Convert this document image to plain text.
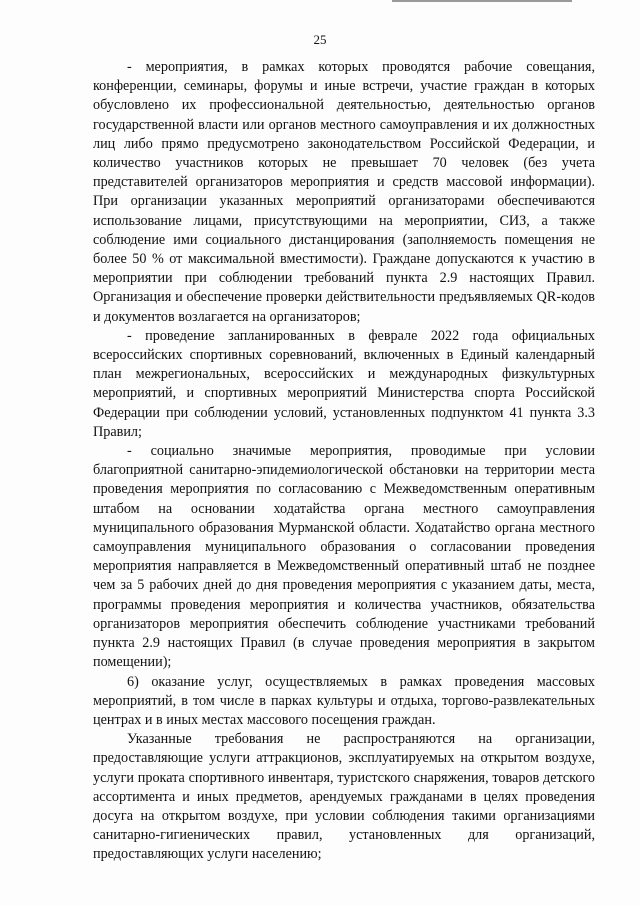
25

- мероприятия, в рамках которых проводятся рабочие совещания, конференции, семинары, форумы и иные встречи, участие граждан в которых обусловлено их профессиональной деятельностью, деятельностью органов государственной власти или органов местного самоуправления и их должностных лиц либо прямо предусмотрено законодательством Российской Федерации, и количество участников которых не превышает 70 человек (без учета представителей организаторов мероприятия и средств массовой информации). При организации указанных мероприятий организаторами обеспечиваются использование лицами, присутствующими на мероприятии, СИЗ, а также соблюдение ими социального дистанцирования (заполняемость помещения не более 50 % от максимальной вместимости). Граждане допускаются к участию в мероприятии при соблюдении требований пункта 2.9 настоящих Правил. Организация и обеспечение проверки действительности предъявляемых QR-кодов и документов возлагается на организаторов;

- проведение запланированных в феврале 2022 года официальных всероссийских спортивных соревнований, включенных в Единый календарный план межрегиональных, всероссийских и международных физкультурных мероприятий, и спортивных мероприятий Министерства спорта Российской Федерации при соблюдении условий, установленных подпунктом 41 пункта 3.3 Правил;

- социально значимые мероприятия, проводимые при условии благоприятной санитарно-эпидемиологической обстановки на территории места проведения мероприятия по согласованию с Межведомственным оперативным штабом на основании ходатайства органа местного самоуправления муниципального образования Мурманской области. Ходатайство органа местного самоуправления муниципального образования о согласовании проведения мероприятия направляется в Межведомственный оперативный штаб не позднее чем за 5 рабочих дней до дня проведения мероприятия с указанием даты, места, программы проведения мероприятия и количества участников, обязательства организаторов мероприятия обеспечить соблюдение участниками требований пункта 2.9 настоящих Правил (в случае проведения мероприятия в закрытом помещении);

6) оказание услуг, осуществляемых в рамках проведения массовых мероприятий, в том числе в парках культуры и отдыха, торгово-развлекательных центрах и в иных местах массового посещения граждан.

Указанные требования не распространяются на организации, предоставляющие услуги аттракционов, эксплуатируемых на открытом воздухе, услуги проката спортивного инвентаря, туристского снаряжения, товаров детского ассортимента и иных предметов, арендуемых гражданами в целях проведения досуга на открытом воздухе, при условии соблюдения такими организациями санитарно-гигиенических правил, установленных для организаций, предоставляющих услуги населению;
